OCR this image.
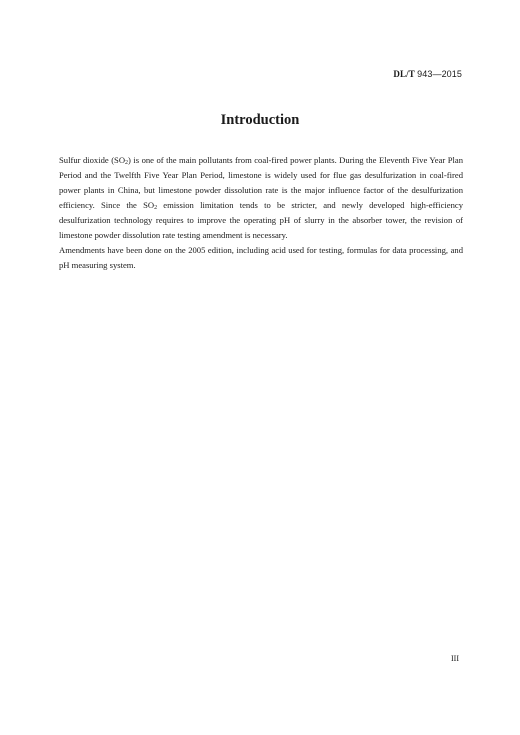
DL/T 943—2015
Introduction

Sulfur dioxide (SO2) is one of the main pollutants from coal-fired power plants. During the Eleventh Five Year Plan Period and the Twelfth Five Year Plan Period, limestone is widely used for flue gas desulfurization in coal-fired power plants in China, but limestone powder dissolution rate is the major influence factor of the desulfurization efficiency. Since the SO2 emission limitation tends to be stricter, and newly developed high-efficiency desulfurization technology requires to improve the operating pH of slurry in the absorber tower, the revision of limestone powder dissolution rate testing amendment is necessary.

Amendments have been done on the 2005 edition, including acid used for testing, formulas for data processing, and pH measuring system.

III
